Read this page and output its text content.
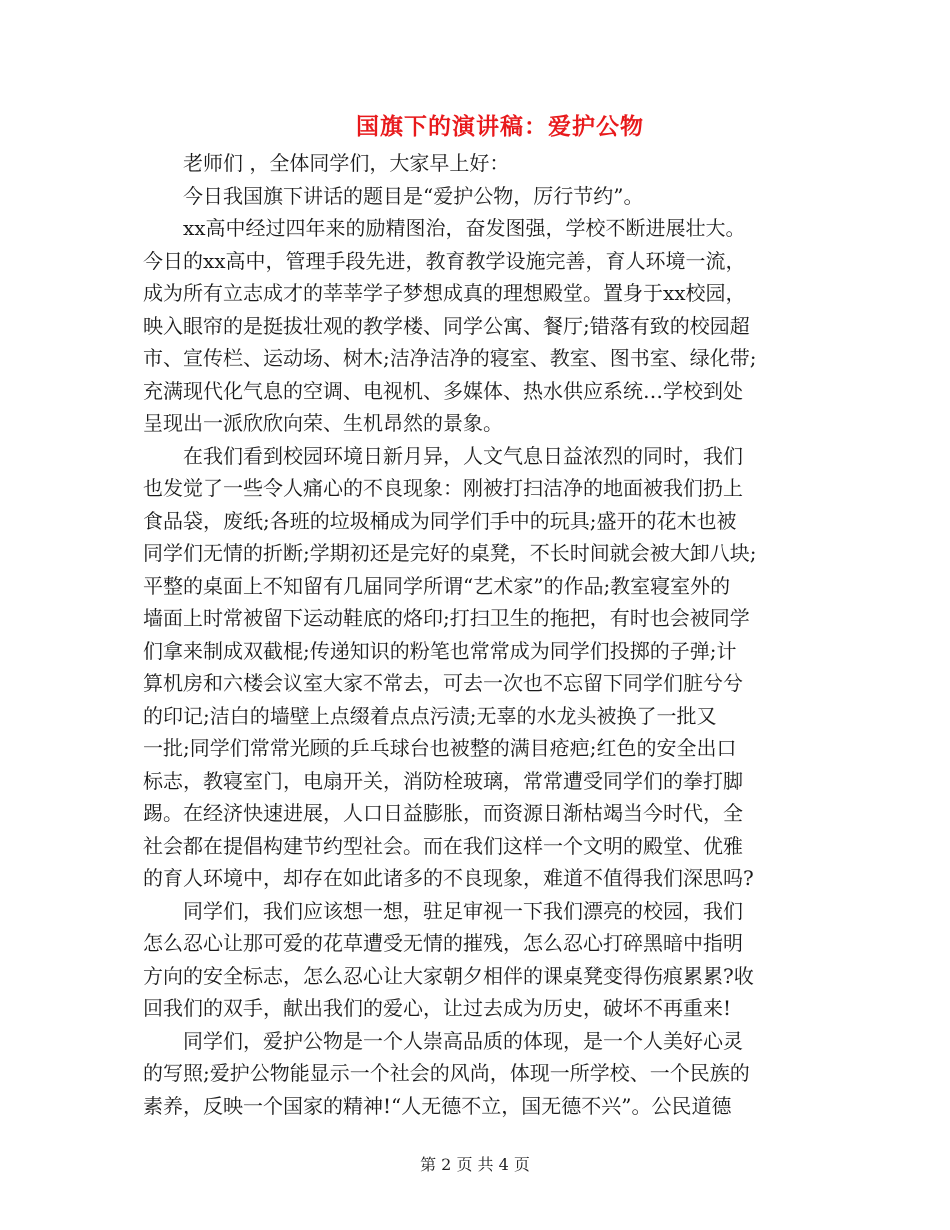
国旗下的演讲稿：爱护公物
老师们 ，全体同学们，大家早上好：
今日我国旗下讲话的题目是“爱护公物，厉行节约”。
xx高中经过四年来的励精图治，奋发图强，学校不断进展壮大。
今日的xx高中，管理手段先进，教育教学设施完善，育人环境一流，
成为所有立志成才的莘莘学子梦想成真的理想殿堂。置身于xx校园，
映入眼帘的是挺拔壮观的教学楼、同学公寓、餐厅;错落有致的校园超
市、宣传栏、运动场、树木;洁净洁净的寝室、教室、图书室、绿化带;
充满现代化气息的空调、电视机、多媒体、热水供应系统…学校到处
呈现出一派欣欣向荣、生机昂然的景象。
在我们看到校园环境日新月异，人文气息日益浓烈的同时，我们
也发觉了一些令人痛心的不良现象：刚被打扫洁净的地面被我们扔上
食品袋，废纸;各班的垃圾桶成为同学们手中的玩具;盛开的花木也被
同学们无情的折断;学期初还是完好的桌凳，不长时间就会被大卸八块;
平整的桌面上不知留有几届同学所谓“艺术家”的作品;教室寝室外的
墙面上时常被留下运动鞋底的烙印;打扫卫生的拖把，有时也会被同学
们拿来制成双截棍;传递知识的粉笔也常常成为同学们投掷的子弹;计
算机房和六楼会议室大家不常去，可去一次也不忘留下同学们脏兮兮
的印记;洁白的墙壁上点缀着点点污渍;无辜的水龙头被换了一批又
一批;同学们常常光顾的乒乓球台也被整的满目疮疤;红色的安全出口
标志，教寝室门，电扇开关，消防栓玻璃，常常遭受同学们的拳打脚
踢。在经济快速进展，人口日益膨胀，而资源日渐枯竭当今时代，全
社会都在提倡构建节约型社会。而在我们这样一个文明的殿堂、优雅
的育人环境中，却存在如此诸多的不良现象，难道不值得我们深思吗?
同学们，我们应该想一想，驻足审视一下我们漂亮的校园，我们
怎么忍心让那可爱的花草遭受无情的摧残，怎么忍心打碎黑暗中指明
方向的安全标志，怎么忍心让大家朝夕相伴的课桌凳变得伤痕累累?收
回我们的双手，献出我们的爱心，让过去成为历史，破坏不再重来!
同学们，爱护公物是一个人崇高品质的体现，是一个人美好心灵
的写照;爱护公物能显示一个社会的风尚，体现一所学校、一个民族的
素养，反映一个国家的精神!“人无德不立，国无德不兴”。公民道德
第 2 页 共 4 页
